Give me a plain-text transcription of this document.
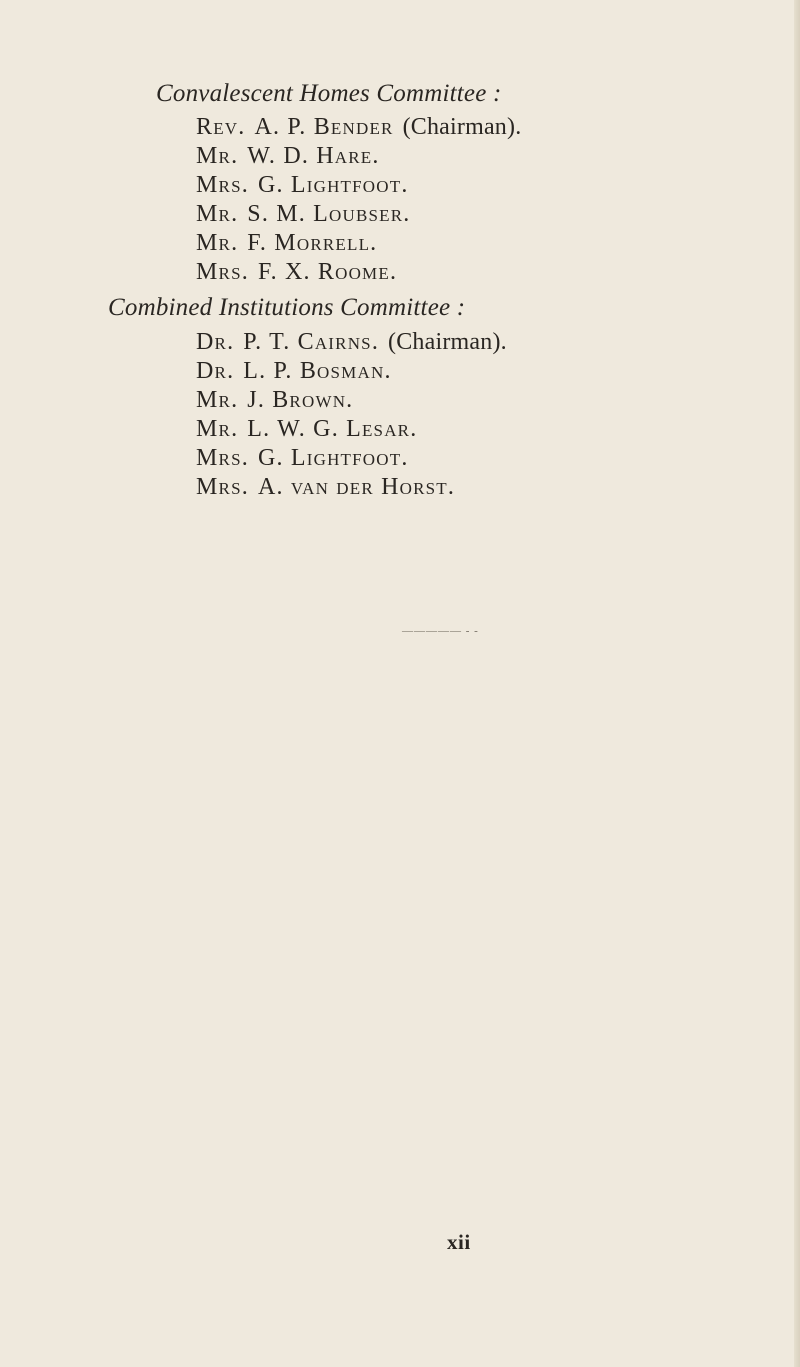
Convalescent Homes Committee :
Rev. A. P. Bender (Chairman).
Mr. W. D. Hare.
Mrs. G. Lightfoot.
Mr. S. M. Loubser.
Mr. F. Morrell.
Mrs. F. X. Roome.
Combined Institutions Committee :
Dr. P. T. Cairns. (Chairman).
Dr. L. P. Bosman.
Mr. J. Brown.
Mr. L. W. G. Lesar.
Mrs. G. Lightfoot.
Mrs. A. van der Horst.
————— - -
xii
